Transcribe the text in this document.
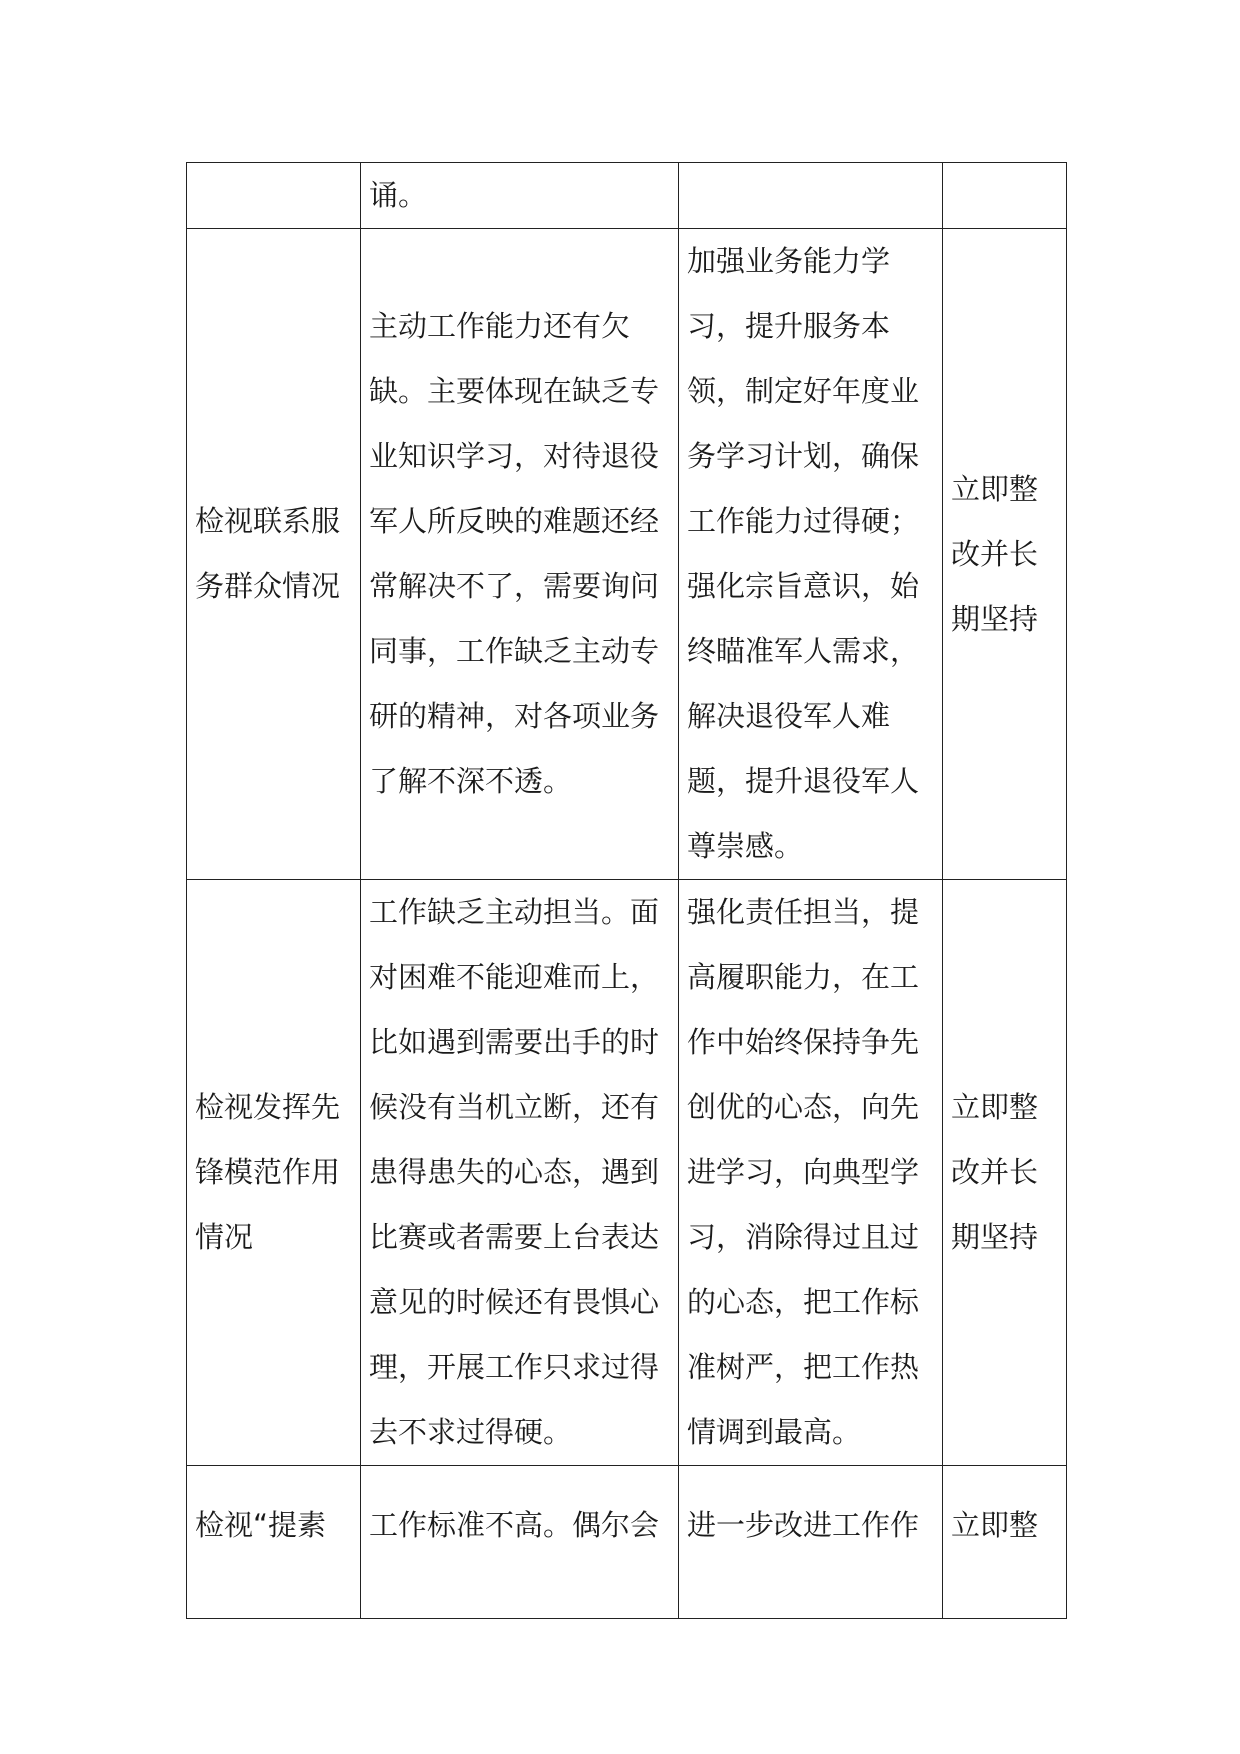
	诵。		
检视联系服务群众情况	主动工作能力还有欠缺。主要体现在缺乏专业知识学习，对待退役军人所反映的难题还经常解决不了，需要询问同事，工作缺乏主动专研的精神，对各项业务了解不深不透。	加强业务能力学习，提升服务本领，制定好年度业务学习计划，确保工作能力过得硬；强化宗旨意识，始终瞄准军人需求，解决退役军人难题，提升退役军人尊崇感。	立即整改并长期坚持
检视发挥先锋模范作用情况	工作缺乏主动担当。面对困难不能迎难而上，比如遇到需要出手的时候没有当机立断，还有患得患失的心态，遇到比赛或者需要上台表达意见的时候还有畏惧心理，开展工作只求过得去不求过得硬。	强化责任担当，提高履职能力，在工作中始终保持争先创优的心态，向先进学习，向典型学习，消除得过且过的心态，把工作标准树严，把工作热情调到最高。	立即整改并长期坚持
检视“提素	工作标准不高。偶尔会	进一步改进工作作	立即整
